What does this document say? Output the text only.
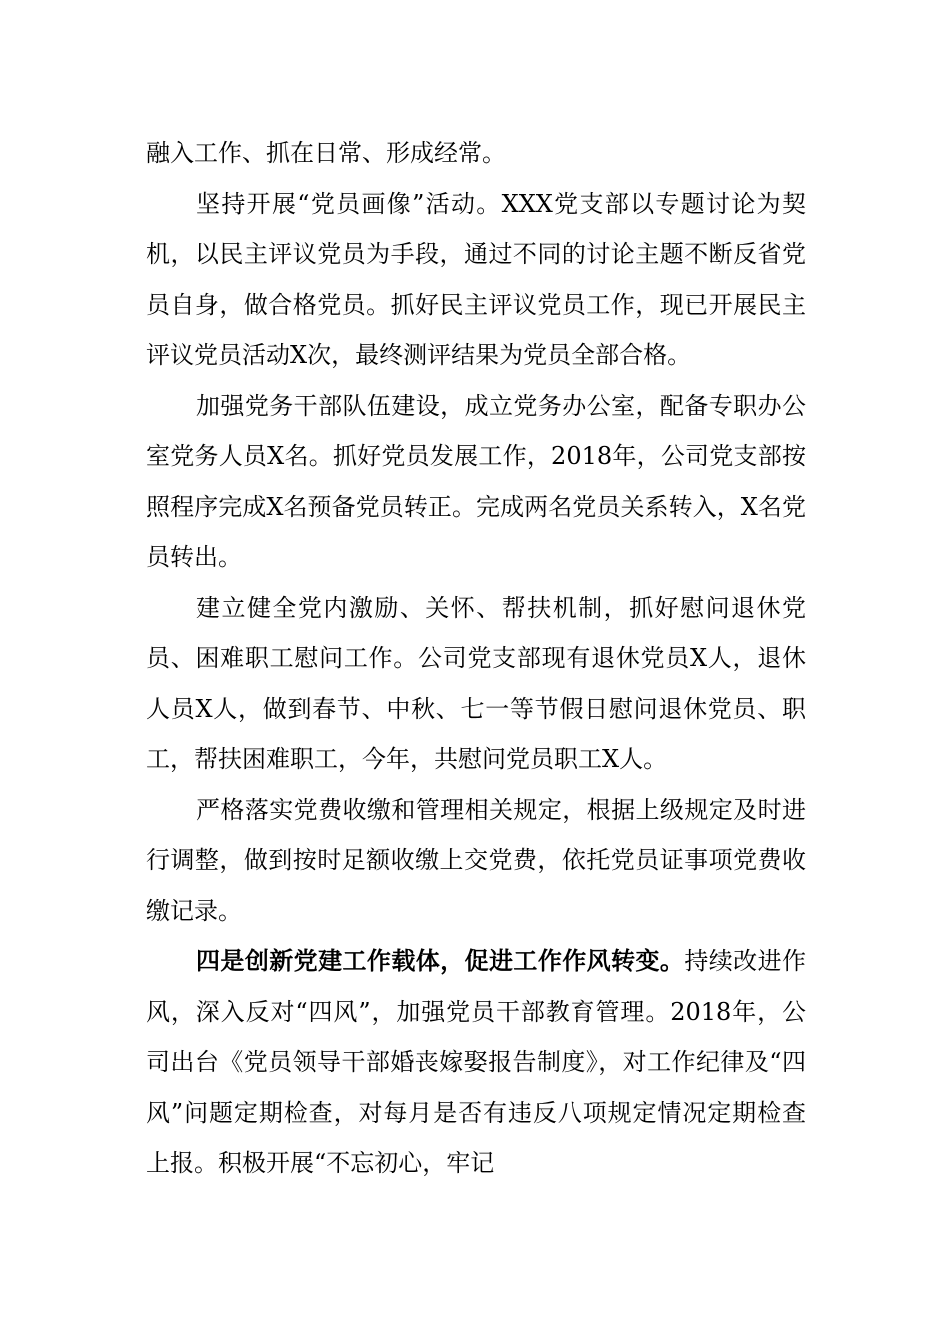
融入工作、抓在日常、形成经常。

坚持开展“党员画像”活动。XXX党支部以专题讨论为契机，以民主评议党员为手段，通过不同的讨论主题不断反省党员自身，做合格党员。抓好民主评议党员工作，现已开展民主评议党员活动X次，最终测评结果为党员全部合格。

加强党务干部队伍建设，成立党务办公室，配备专职办公室党务人员X名。抓好党员发展工作，2018年，公司党支部按照程序完成X名预备党员转正。完成两名党员关系转入，X名党员转出。

建立健全党内激励、关怀、帮扶机制，抓好慰问退休党员、困难职工慰问工作。公司党支部现有退休党员X人，退休人员X人，做到春节、中秋、七一等节假日慰问退休党员、职工，帮扶困难职工，今年，共慰问党员职工X人。

严格落实党费收缴和管理相关规定，根据上级规定及时进行调整，做到按时足额收缴上交党费，依托党员证事项党费收缴记录。

四是创新党建工作载体，促进工作作风转变。持续改进作风，深入反对“四风”，加强党员干部教育管理。2018年，公司出台《党员领导干部婚丧嫁娶报告制度》，对工作纪律及“四风”问题定期检查，对每月是否有违反八项规定情况定期检查上报。积极开展“不忘初心，牢记
